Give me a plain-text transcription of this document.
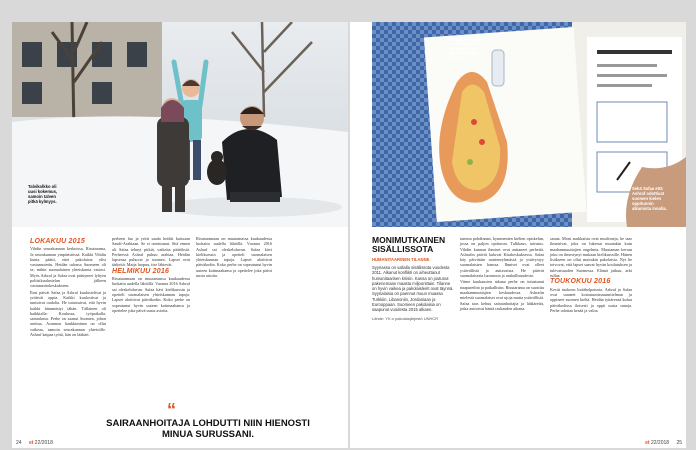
Talvikolkko oli uusi kokemus, samoin talven pitkä kylmyys.
LOKAKUU 2015

Vihdin seurakunnan kerhoissa, Risutarama, Ja seurakunnan ympäristössä. Kaikki Vihdin kunta päätti, ettei pakolaisia olisi vastaanotettu. Heidän tulonsa Suomeen oli se, mihin suomalainen yhteiskunta vastasi. Myös Ashraf ja Safaa ovat pääsyneet lyhyen poliisikuulustelun jälkeen vastaanottokeskukseen.

Ensi päivät Safaa ja Ashraf kuulustelivat ja yrittivät oppia. Kaikki kuulostivat ja tuntuivat oudolta. He tutustuivat, että hyvin kaikki hämmästyi tähän. Tällainen oli kaikkialla: Koulussa, työpaikalla, sairaalassa. Perhe on saanut Suomen, johon asettua. Asunnon hankkiminen on ollut vaikeaa, samoin seurakunnan yhteisölle. Ashraf kaipaa työtä, hän on lääkäri.

perheen luo ja yritti saada heidät kaissaan Saudi-Arabiaan. Se ei onnistunut. Sitä ennen oli Safaa tehnyt pitkiä, vaikeita päätöksiä. Perheessä Ashraf puhuu arabiaa. Heidän lapsensa puhuvat jo suomea. Lapset ovat tärkeitä: Maija luopuu, itse lähtevät.

HELMIKUU 2016

Risutaramaan on muutamassa kuukaudessa luokattu uudella lähiöllä. Vuonna 2016 Ashraf sai oleskeluluvan. Safaa kävi kielikurssin ja opetteli suomalaisen yhteiskunnan tapoja. Lapset aloittivat päiväkodin. Koko perhe on sopeutunut hyvin uuteen kotimaahansa ja opettelee joka päivä uusia asioita.

Risutaramaan on muutamassa kuukaudessa luokattu uudella lähiöllä. Vuonna 2016 Ashraf sai oleskeluluvan. Safaa kävi kielikurssin ja opetteli suomalaisen yhteiskunnan tapoja. Lapset aloittivat päiväkodin. Koko perhe on sopeutunut hyvin uuteen kotimaahansa ja opettelee joka päivä uusia asioita.

“
SAIRAANHOITAJA LOHDUTTI NIIN HIENOSTI MINUA SURUSSANI.
24 et 22/2018
Safaa piirsi pulpin Kuntan tarinasta. Se on täysi kaunein elämäntaiteilijan hanke.
Sekä Safaa että Ashraf odottivat suomen kielen oppitunnin alkamista innolla.
MONIMUTKAINEN SISÄLLISSOTA
HUMANITAARINEN TILANNE
Syyriassa on vallalla sisällissota vuodesta 2011. Alkanut konflikti on aiheuttanut humanitaarisen kriisin. Kansa on joutunut pakenemaan maasta miljoonittain. Tilanne on hyvin vaikea ja pakolaisleirit ovat täynnä. Syyrialaisia on paennut muun muassa Turkkiin, Libanoniin, Jordaniaan ja Eurooppaan. Suomeen pakolaisia on saapunut vuodesta 2015 alkaen.
Lähde: YK:n pakolaisjärjestö UNHCR

tarmoa pohdinnan, kymmenien kielten opiskelun, jossa on paljon opittavaa. Tulkkaus, taivutus. Vihdin kunnan ihmiset ovat auttaneet perhettä. Ashrafin päivät kuluvat Kisakeskuksessa. Safaa käy päivittäin naistenryhmässä ja ystävystyy suomalaisten kanssa. Ihmiset ovat olleet ystävällisiä ja auttavaisia. He pitävät suomalaisesta luonnosta ja rauhallisuudesta.

Viime kuukausien aikana perhe on tutustunut naapureihin ja paikallisiin. Risutarama on suosittu maahanmuuttajien keskuudessa. Ashrafin mielestä suomalaiset ovat ujoja mutta ystävällisiä. Safaa taas kehuu sairaanhoitajia ja lääkäreitä, jotka auttoivat häntä raskauden aikana.

sauna. Moni asukkaista ovat muslimeja, he taas ilmaisivat, joka on lukenut muutakin kuin maahanmuuttajien ongelmia. Muutaman kerran joku on ilmestynyt mukaan kielikurssille. Hänen lisäkseen on ollut muitakin pakolaisia. Nyt he toivovat, että lapset saavat hyvän koulutuksen ja tulevaisuuden Suomessa. Elämä jatkuu, arki rullaa.

TOUKOKUU 2016

Kevät tuokoon lisäähelpotusta. Ashraf ja Safaa ovat saaneet kotoutumissuunnitelman ja oppineet suomen kieltä. Heidän tyttärensä kuluu päiväkodissa iloisesti ja oppii uusia sanoja. Perhe odottaa kesää ja valoa.

et 22/2018 25
